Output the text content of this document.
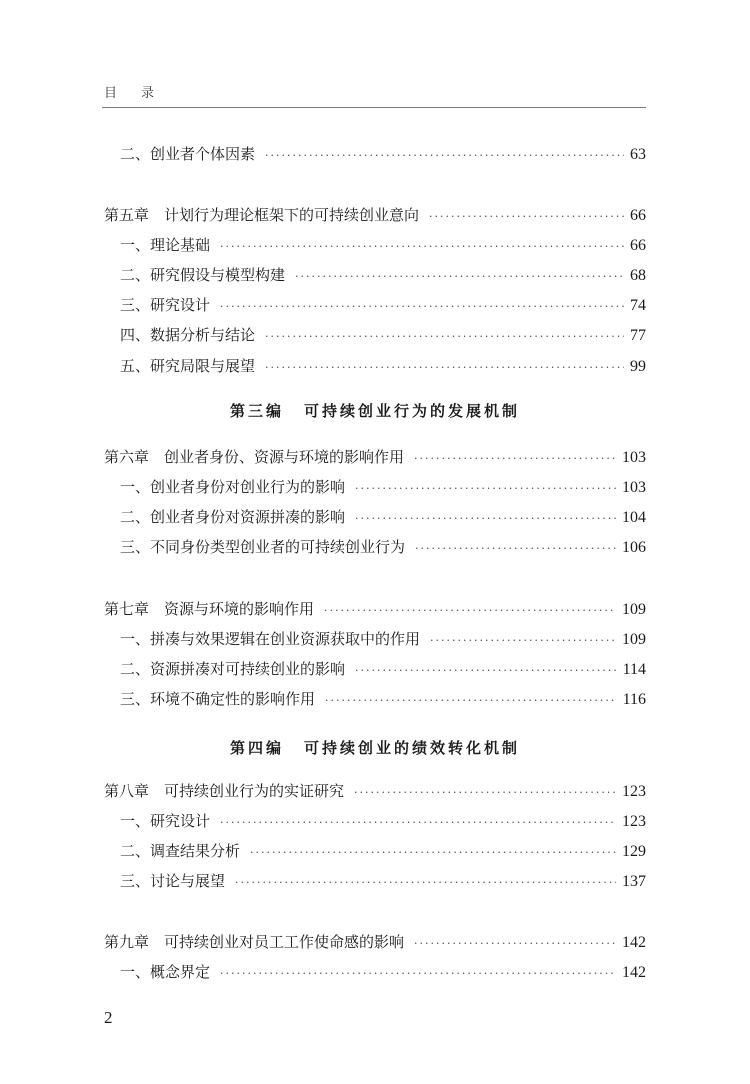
目 录
二、创业者个体因素 ·····	63
第五章　计划行为理论框架下的可持续创业意向 ·····	66
一、理论基础 ·····	66
二、研究假设与模型构建 ·····	68
三、研究设计 ·····	74
四、数据分析与结论 ·····	77
五、研究局限与展望 ·····	99
第六章　创业者身份、资源与环境的影响作用 ·····	103
一、创业者身份对创业行为的影响 ·····	103
二、创业者身份对资源拼凑的影响 ·····	104
三、不同身份类型创业者的可持续创业行为 ·····	106
第七章　资源与环境的影响作用 ·····	109
一、拼凑与效果逻辑在创业资源获取中的作用 ·····	109
二、资源拼凑对可持续创业的影响 ·····	114
三、环境不确定性的影响作用 ·····	116
第八章　可持续创业行为的实证研究 ·····	123
一、研究设计 ·····	123
二、调查结果分析 ·····	129
三、讨论与展望 ·····	137
第九章　可持续创业对员工工作使命感的影响 ·····	142
一、概念界定 ·····	142
第三编 可持续创业行为的发展机制
第四编 可持续创业的绩效转化机制
2
